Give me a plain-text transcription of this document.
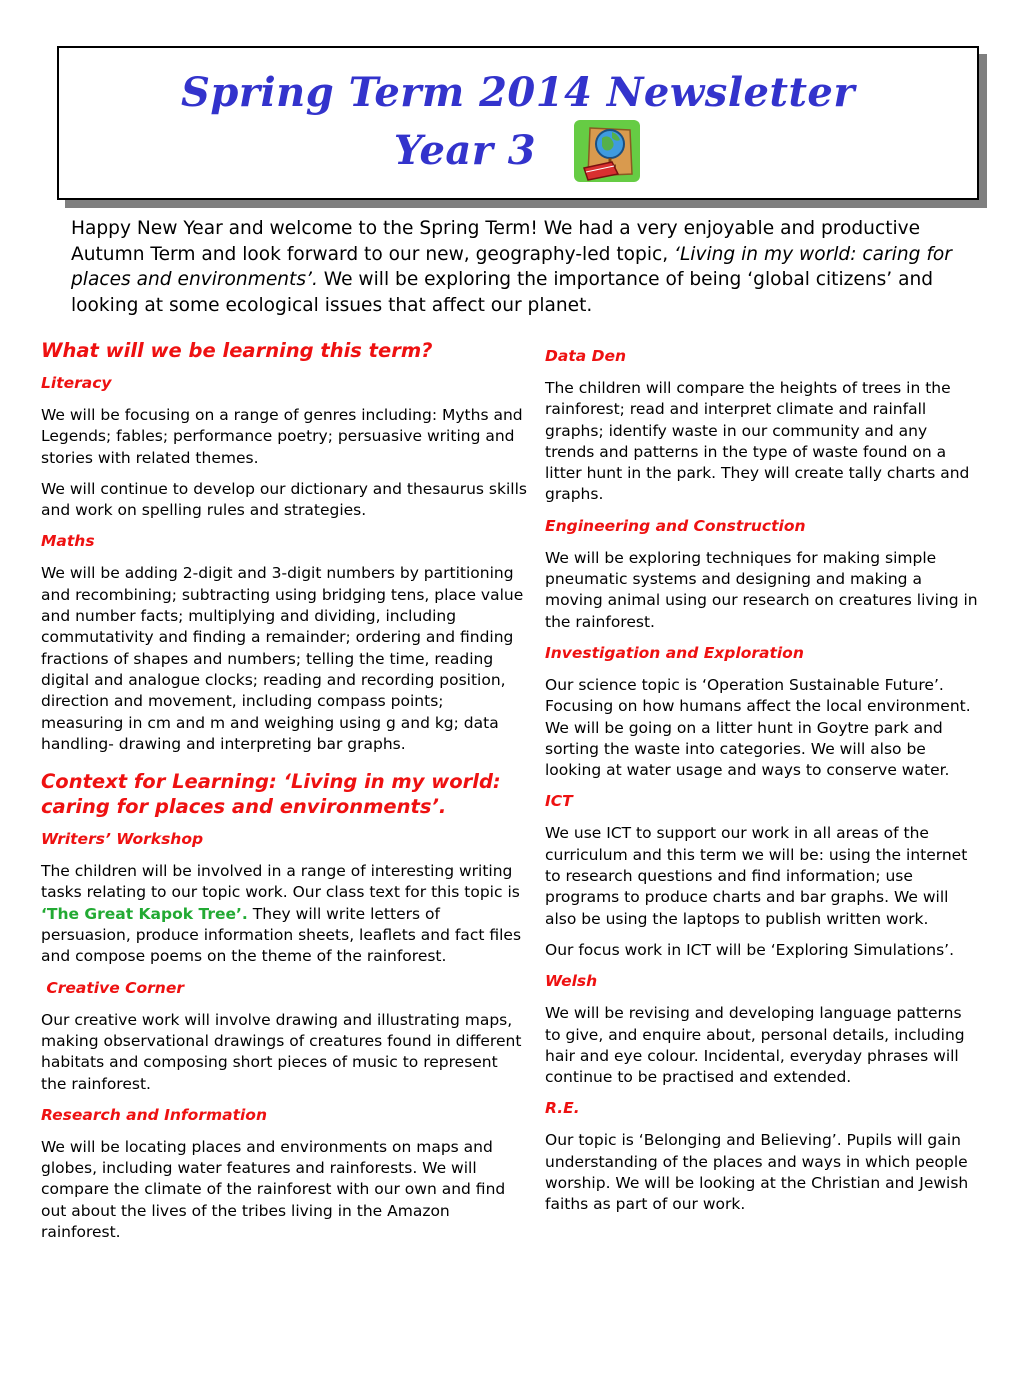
Spring Term 2014 Newsletter
Year 3
Happy New Year and welcome to the Spring Term! We had a very enjoyable and productive Autumn Term and look forward to our new, geography-led topic, ‘Living in my world: caring for places and environments’. We will be exploring the importance of being ‘global citizens’ and looking at some ecological issues that affect our planet.
What will we be learning this term?
Literacy

We will be focusing on a range of genres including: Myths and Legends; fables; performance poetry; persuasive writing and stories with related themes.

We will continue to develop our dictionary and thesaurus skills and work on spelling rules and strategies.

Maths

We will be adding 2-digit and 3-digit numbers by partitioning and recombining; subtracting using bridging tens, place value and number facts; multiplying and dividing, including commutativity and finding a remainder; ordering and finding fractions of shapes and numbers; telling the time, reading digital and analogue clocks; reading and recording position, direction and movement, including compass points; measuring in cm and m and weighing using g and kg; data handling- drawing and interpreting bar graphs.

Context for Learning: ‘Living in my world: caring for places and environments’.
Writers’ Workshop

The children will be involved in a range of interesting writing tasks relating to our topic work. Our class text for this topic is ‘The Great Kapok Tree’. They will write letters of persuasion, produce information sheets, leaflets and fact files and compose poems on the theme of the rainforest.

Creative Corner

Our creative work will involve drawing and illustrating maps, making observational drawings of creatures found in different habitats and composing short pieces of music to represent the rainforest.

Research and Information

We will be locating places and environments on maps and globes, including water features and rainforests. We will compare the climate of the rainforest with our own and find out about the lives of the tribes living in the Amazon rainforest.

Data Den

The children will compare the heights of trees in the rainforest; read and interpret climate and rainfall graphs; identify waste in our community and any trends and patterns in the type of waste found on a litter hunt in the park. They will create tally charts and graphs.

Engineering and Construction

We will be exploring techniques for making simple pneumatic systems and designing and making a moving animal using our research on creatures living in the rainforest.

Investigation and Exploration

Our science topic is ‘Operation Sustainable Future’. Focusing on how humans affect the local environment. We will be going on a litter hunt in Goytre park and sorting the waste into categories. We will also be looking at water usage and ways to conserve water.

ICT

We use ICT to support our work in all areas of the curriculum and this term we will be: using the internet to research questions and find information; use programs to produce charts and bar graphs. We will also be using the laptops to publish written work.

Our focus work in ICT will be ‘Exploring Simulations’.

Welsh

We will be revising and developing language patterns to give, and enquire about, personal details, including hair and eye colour. Incidental, everyday phrases will continue to be practised and extended.

R.E.

Our topic is ‘Belonging and Believing’. Pupils will gain understanding of the places and ways in which people worship. We will be looking at the Christian and Jewish faiths as part of our work.
